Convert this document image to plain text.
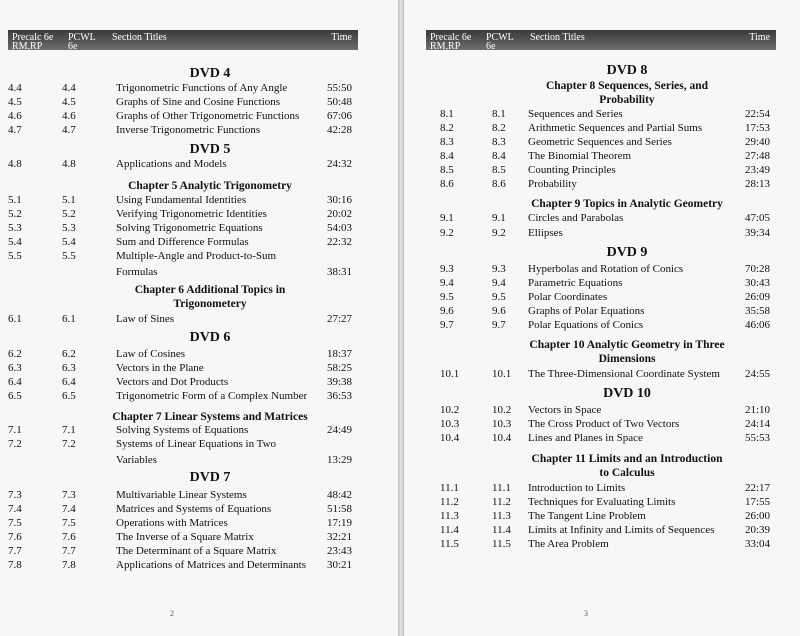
Precalc 6e
RM,RP
PCWL
6e
Section Titles	Time
DVD 4
4.4	4.4	Trigonometric Functions of Any Angle	55:50
4.5	4.5	Graphs of Sine and Cosine Functions	50:48
4.6	4.6	Graphs of Other Trigonometric Functions	67:06
4.7	4.7	Inverse Trigonometric Functions	42:28
DVD 5
4.8	4.8	Applications and Models	24:32
Chapter 5 Analytic Trigonometry
5.1	5.1	Using Fundamental Identities	30:16
5.2	5.2	Verifying Trigonometric Identities	20:02
5.3	5.3	Solving Trigonometric Equations	54:03
5.4	5.4	Sum and Difference Formulas	22:32
5.5	5.5	Multiple-Angle and Product-to-Sum
Formulas	38:31
Chapter 6 Additional Topics in
Trigonometery
6.1	6.1	Law of Sines	27:27
DVD 6
6.2	6.2	Law of Cosines	18:37
6.3	6.3	Vectors in the Plane	58:25
6.4	6.4	Vectors and Dot Products	39:38
6.5	6.5	Trigonometric Form of a Complex Number	36:53
Chapter 7 Linear Systems and Matrices
7.1	7.1	Solving Systems of Equations	24:49
7.2	7.2	Systems of Linear Equations in Two
Variables	13:29
DVD 7
7.3	7.3	Multivariable Linear Systems	48:42
7.4	7.4	Matrices and Systems of Equations	51:58
7.5	7.5	Operations with Matrices	17:19
7.6	7.6	The Inverse of a Square Matrix	32:21
7.7	7.7	The Determinant of a Square Matrix	23:43
7.8	7.8	Applications of Matrices and Determinants	30:21
2
Precalc 6e
RM,RP
PCWL
6e
Section Titles	Time
DVD 8
Chapter 8 Sequences, Series, and
Probability
8.1	8.1 Sequences and Series	22:54
8.2	8.2 Arithmetic Sequences and Partial Sums	17:53
8.3	8.3 Geometric Sequences and Series	29:40
8.4	8.4 The Binomial Theorem	27:48
8.5	8.5 Counting Principles	23:49
8.6	8.6 Probability	28:13
Chapter 9 Topics in Analytic Geometry
9.1	9.1 Circles and Parabolas	47:05
9.2	9.2 Ellipses	39:34
DVD 9
9.3	9.3 Hyperbolas and Rotation of Conics	70:28
9.4	9.4 Parametric Equations	30:43
9.5	9.5 Polar Coordinates	26:09
9.6	9.6 Graphs of Polar Equations	35:58
9.7	9.7 Polar Equations of Conics	46:06
Chapter 10 Analytic Geometry in Three
Dimensions
10.1	10.1 The Three-Dimensional Coordinate System	24:55
DVD 10
10.2	10.2 Vectors in Space	21:10
10.3	10.3 The Cross Product of Two Vectors	24:14
10.4	10.4 Lines and Planes in Space	55:53
Chapter 11 Limits and an Introduction
to Calculus
11.1	11.1 Introduction to Limits	22:17
11.2	11.2 Techniques for Evaluating Limits	17:55
11.3	11.3 The Tangent Line Problem	26:00
11.4	11.4 Limits at Infinity and Limits of Sequences	20:39
11.5	11.5 The Area Problem	33:04
3
